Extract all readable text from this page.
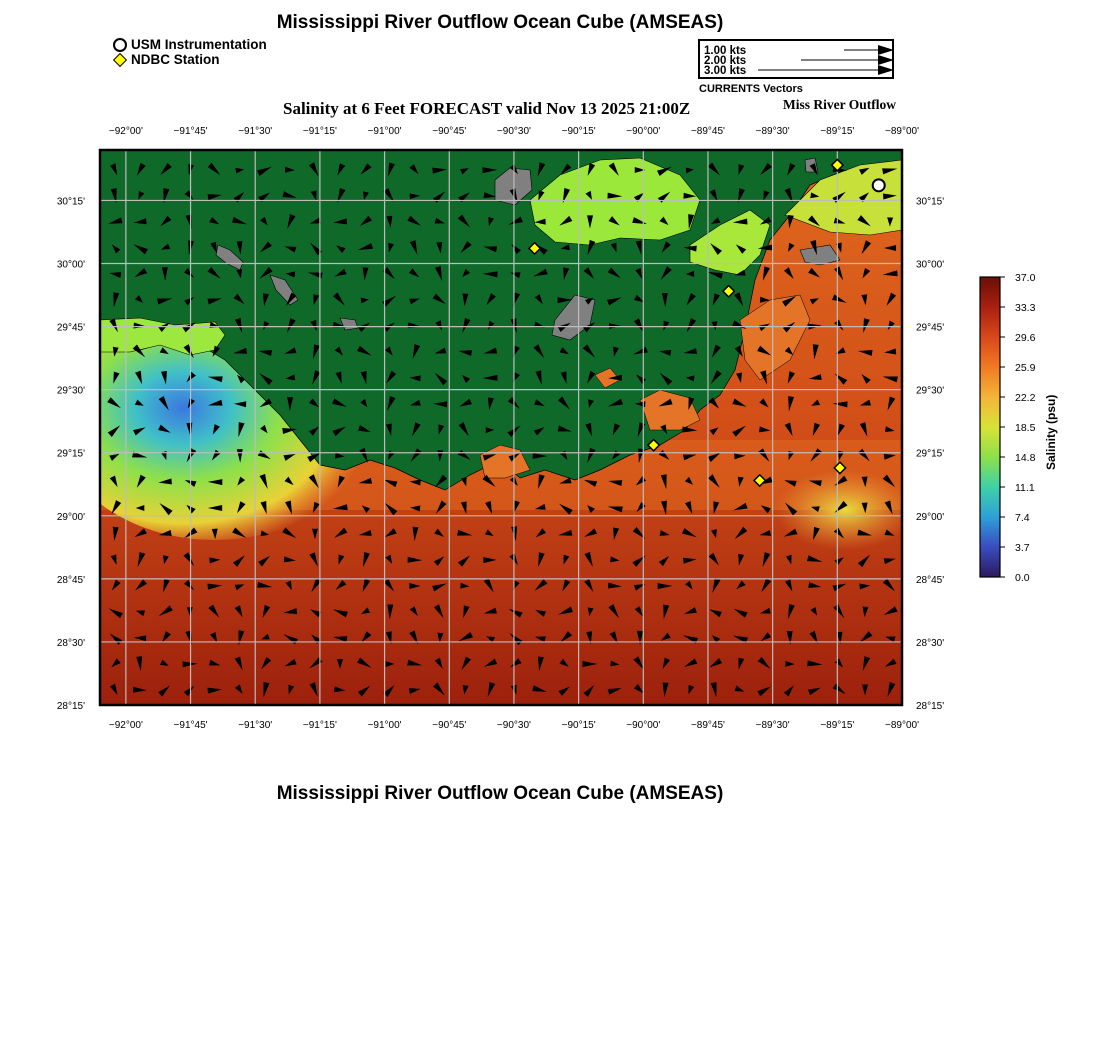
Mississippi River Outflow Ocean Cube (AMSEAS)
USM Instrumentation
NDBC Station
1.00 kts
2.00 kts
3.00 kts
CURRENTS Vectors
Salinity at 6 Feet FORECAST valid Nov 13 2025 21:00Z	Miss River Outflow
−92°00'	−91°45'	−91°30'	−91°15'	−91°00'	−90°45'	−90°30'	−90°15'	−90°00'	−89°45'	−89°30'	−89°15'	−89°00'
−92°00'	−91°45'	−91°30'	−91°15'	−91°00'	−90°45'	−90°30'	−90°15'	−90°00'	−89°45'	−89°30'	−89°15'	−89°00'
30°15'
30°00'
29°45'
29°30'
29°15'
29°00'
28°45'
28°30'
28°15'
30°15'
30°00'
29°45'
29°30'
29°15'
29°00'
28°45'
28°30'
28°15'
37.0
33.3
29.6
25.9
22.2
18.5
14.8
11.1
7.4
3.7
0.0
Salinity (psu)
Mississippi River Outflow Ocean Cube (AMSEAS)
